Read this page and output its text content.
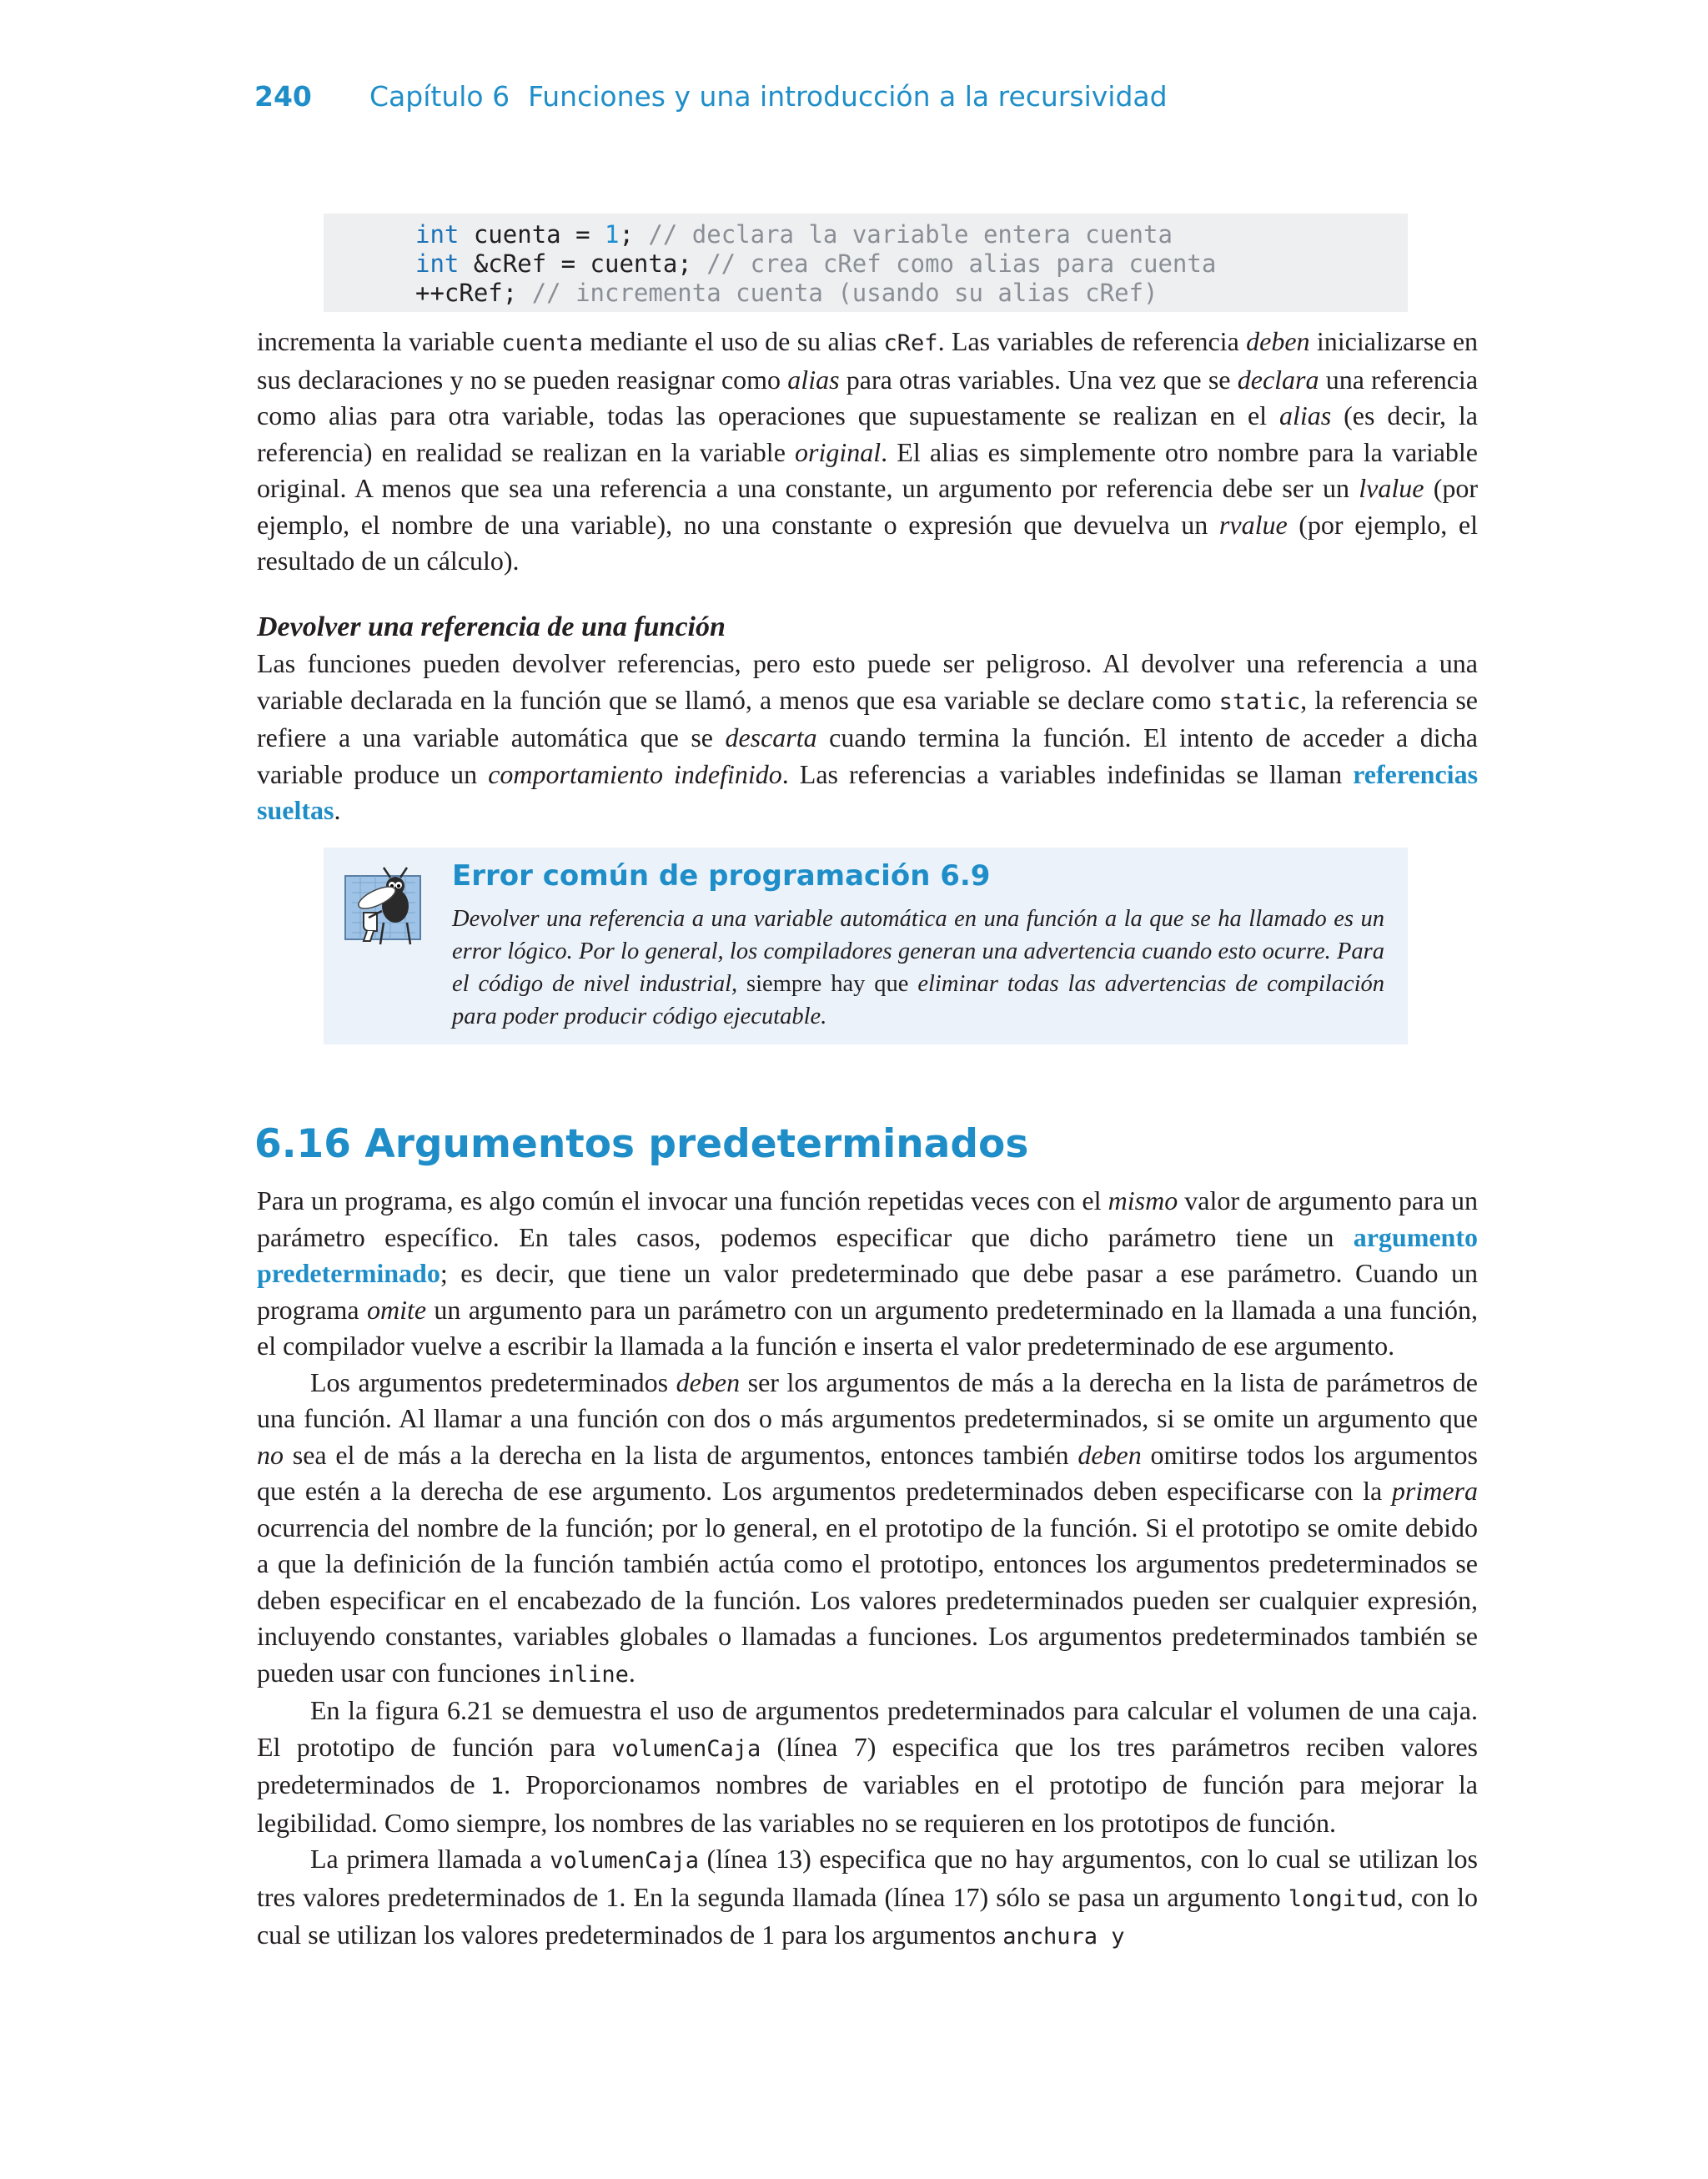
240 Capítulo 6 Funciones y una introducción a la recursividad
int cuenta = 1; // declara la variable entera cuenta
int &cRef = cuenta; // crea cRef como alias para cuenta
++cRef; // incrementa cuenta (usando su alias cRef)

incrementa la variable cuenta mediante el uso de su alias cRef. Las variables de referencia deben inicializarse en sus declaraciones y no se pueden reasignar como alias para otras variables. Una vez que se declara una referencia como alias para otra variable, todas las operaciones que supuestamente se realizan en el alias (es decir, la referencia) en realidad se realizan en la variable original. El alias es simplemente otro nombre para la variable original. A menos que sea una referencia a una constante, un argumento por referencia debe ser un lvalue (por ejemplo, el nombre de una variable), no una constante o expresión que devuelva un rvalue (por ejemplo, el resultado de un cálculo).

Devolver una referencia de una función

Las funciones pueden devolver referencias, pero esto puede ser peligroso. Al devolver una referencia a una variable declarada en la función que se llamó, a menos que esa variable se declare como static, la referencia se refiere a una variable automática que se descarta cuando termina la función. El intento de acceder a dicha variable produce un comportamiento indefinido. Las referencias a variables indefinidas se llaman referencias sueltas.

Error común de programación 6.9
Devolver una referencia a una variable automática en una función a la que se ha llamado es un error lógico. Por lo general, los compiladores generan una advertencia cuando esto ocurre. Para el código de nivel industrial, siempre hay que eliminar todas las advertencias de compilación para poder producir código ejecutable.
6.16 Argumentos predeterminados

Para un programa, es algo común el invocar una función repetidas veces con el mismo valor de argumento para un parámetro específico. En tales casos, podemos especificar que dicho parámetro tiene un argumento predeterminado; es decir, que tiene un valor predeterminado que debe pasar a ese parámetro. Cuando un programa omite un argumento para un parámetro con un argumento predeterminado en la llamada a una función, el compilador vuelve a escribir la llamada a la función e inserta el valor predeterminado de ese argumento.

Los argumentos predeterminados deben ser los argumentos de más a la derecha en la lista de parámetros de una función. Al llamar a una función con dos o más argumentos predeterminados, si se omite un argumento que no sea el de más a la derecha en la lista de argumentos, entonces también deben omitirse todos los argumentos que estén a la derecha de ese argumento. Los argumentos predeterminados deben especificarse con la primera ocurrencia del nombre de la función; por lo general, en el prototipo de la función. Si el prototipo se omite debido a que la definición de la función también actúa como el prototipo, entonces los argumentos predeterminados se deben especificar en el encabezado de la función. Los valores predeterminados pueden ser cualquier expresión, incluyendo constantes, variables globales o llamadas a funciones. Los argumentos predeterminados también se pueden usar con funciones inline.

En la figura 6.21 se demuestra el uso de argumentos predeterminados para calcular el volumen de una caja. El prototipo de función para volumenCaja (línea 7) especifica que los tres parámetros reciben valores predeterminados de 1. Proporcionamos nombres de variables en el prototipo de función para mejorar la legibilidad. Como siempre, los nombres de las variables no se requieren en los prototipos de función.

La primera llamada a volumenCaja (línea 13) especifica que no hay argumentos, con lo cual se utilizan los tres valores predeterminados de 1. En la segunda llamada (línea 17) sólo se pasa un argumento longitud, con lo cual se utilizan los valores predeterminados de 1 para los argumentos anchura y
